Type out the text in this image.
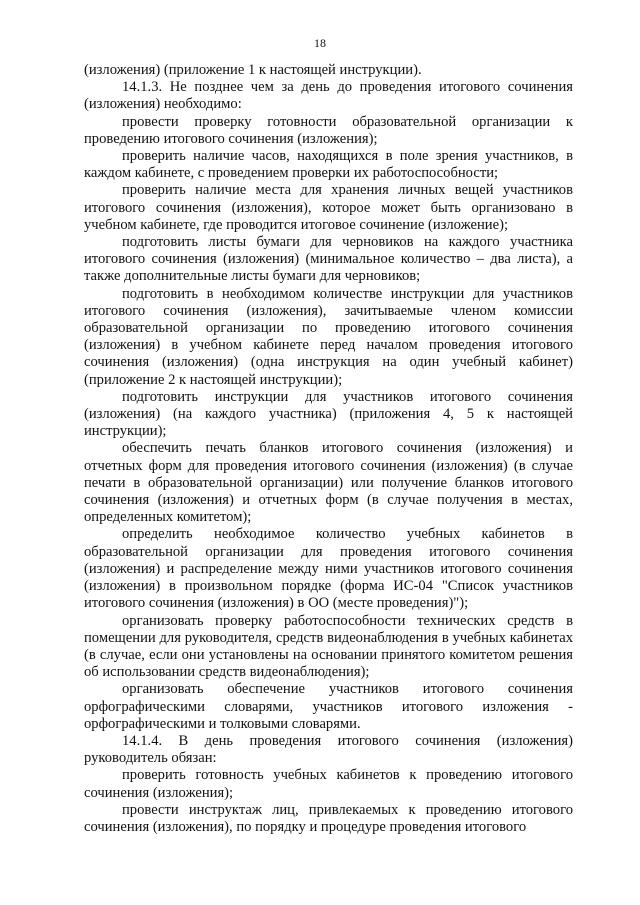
18

(изложения) (приложение 1 к настоящей инструкции).

14.1.3. Не позднее чем за день до проведения итогового сочинения (изложения) необходимо:

провести проверку готовности образовательной организации к проведению итогового сочинения (изложения);

проверить наличие часов, находящихся в поле зрения участников, в каждом кабинете, с проведением проверки их работоспособности;

проверить наличие места для хранения личных вещей участников итогового сочинения (изложения), которое может быть организовано в учебном кабинете, где проводится итоговое сочинение (изложение);

подготовить листы бумаги для черновиков на каждого участника итогового сочинения (изложения) (минимальное количество – два листа), а также дополнительные листы бумаги для черновиков;

подготовить в необходимом количестве инструкции для участников итогового сочинения (изложения), зачитываемые членом комиссии образовательной организации по проведению итогового сочинения (изложения) в учебном кабинете перед началом проведения итогового сочинения (изложения) (одна инструкция на один учебный кабинет) (приложение 2 к настоящей инструкции);

подготовить инструкции для участников итогового сочинения (изложения) (на каждого участника) (приложения 4, 5 к настоящей инструкции);

обеспечить печать бланков итогового сочинения (изложения) и отчетных форм для проведения итогового сочинения (изложения) (в случае печати в образовательной организации) или получение бланков итогового сочинения (изложения) и отчетных форм (в случае получения в местах, определенных комитетом);

определить необходимое количество учебных кабинетов в образовательной организации для проведения итогового сочинения (изложения) и распределение между ними участников итогового сочинения (изложения) в произвольном порядке (форма ИС-04 "Список участников итогового сочинения (изложения) в ОО (месте проведения)");

организовать проверку работоспособности технических средств в помещении для руководителя, средств видеонаблюдения в учебных кабинетах (в случае, если они установлены на основании принятого комитетом решения об использовании средств видеонаблюдения);

организовать обеспечение участников итогового сочинения орфографическими словарями, участников итогового изложения - орфографическими и толковыми словарями.

14.1.4. В день проведения итогового сочинения (изложения) руководитель обязан:

проверить готовность учебных кабинетов к проведению итогового сочинения (изложения);

провести инструктаж лиц, привлекаемых к проведению итогового сочинения (изложения), по порядку и процедуре проведения итогового
